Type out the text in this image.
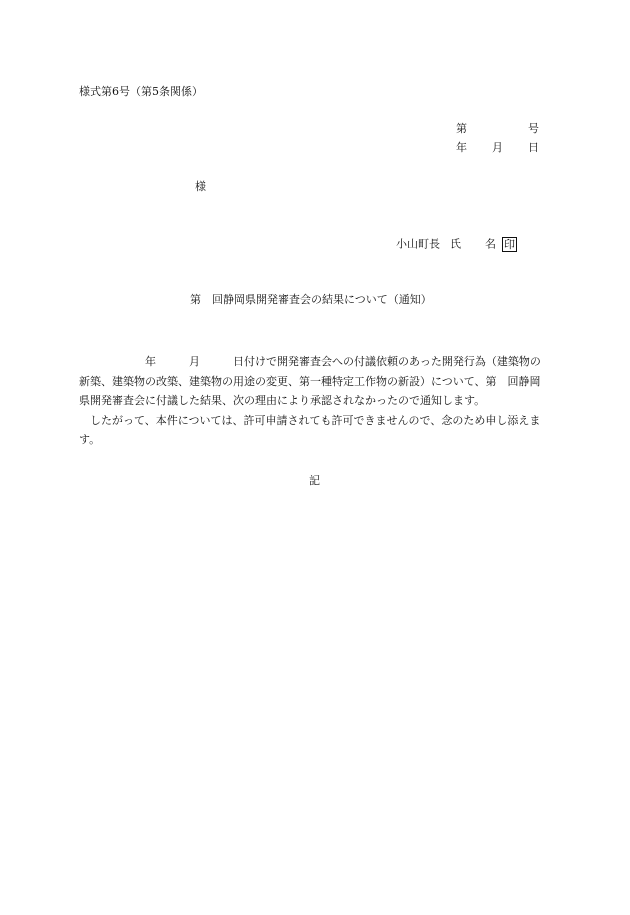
様式第6号（第5条関係）
第	号
年 月 日
様
小山町長 氏 名 印
第　回静岡県開発審査会の結果について（通知）

　　　　　　年　　　月　　　日付けで開発審査会への付議依頼のあった開発行為（建築物の新築、建築物の改築、建築物の用途の変更、第一種特定工作物の新設）について、第　回静岡県開発審査会に付議した結果、次の理由により承認されなかったので通知します。

　したがって、本件については、許可申請されても許可できませんので、念のため申し添えます。

記
